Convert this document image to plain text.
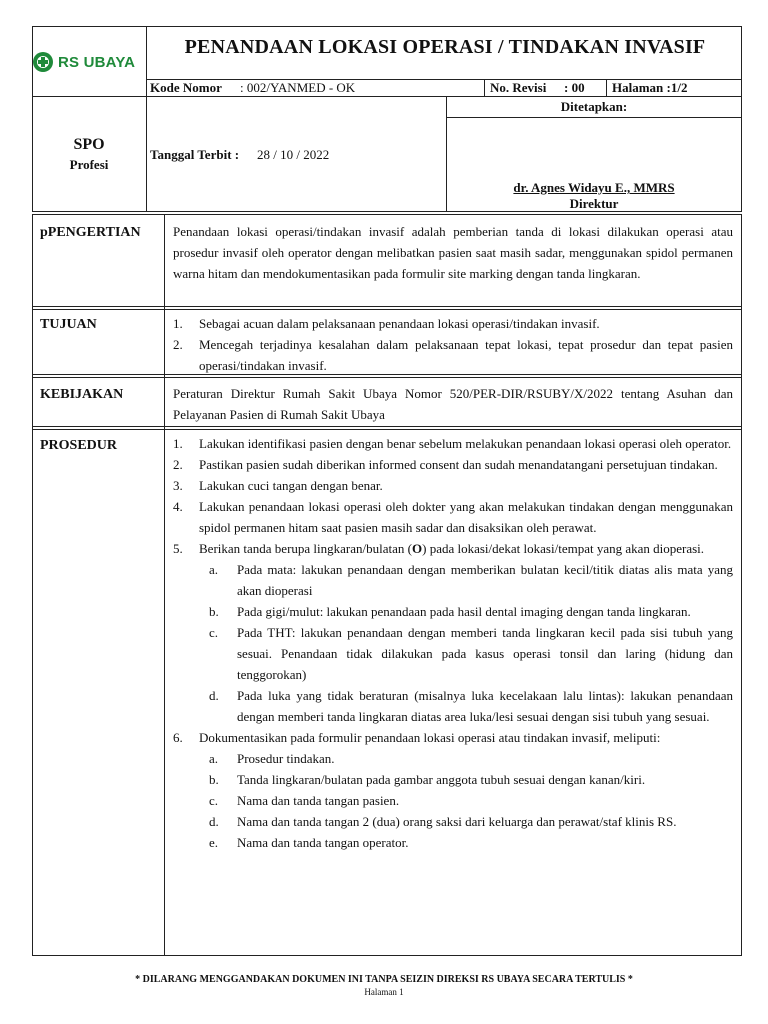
RS UBAYA
PENANDAAN LOKASI OPERASI / TINDAKAN INVASIF
Kode Nomor : 002/YANMED - OK	No. Revisi : 00 Halaman :1/2
Ditetapkan:
SPO
Profesi
Tanggal Terbit : 28 / 10 / 2022
dr. Agnes Widayu E., MMRS
Direktur
pPENGERTIAN Penandaan lokasi operasi/tindakan invasif adalah pemberian tanda di lokasi dilakukan operasi atau prosedur invasif oleh operator dengan melibatkan pasien saat masih sadar, menggunakan spidol permanen warna hitam dan mendokumentasikan pada formulir site marking dengan tanda lingkaran.
TUJUAN	1.	Sebagai acuan dalam pelaksanaan penandaan lokasi operasi/tindakan invasif.
2.	Mencegah terjadinya kesalahan dalam pelaksanaan tepat lokasi, tepat prosedur dan tepat pasien operasi/tindakan invasif.
KEBIJAKAN	Peraturan Direktur Rumah Sakit Ubaya Nomor 520/PER-DIR/RSUBY/X/2022 tentang Asuhan dan Pelayanan Pasien di Rumah Sakit Ubaya
PROSEDUR	1.	Lakukan identifikasi pasien dengan benar sebelum melakukan penandaan lokasi operasi oleh operator.
2.	Pastikan pasien sudah diberikan informed consent dan sudah menandatangani persetujuan tindakan.
3.	Lakukan cuci tangan dengan benar.
4.	Lakukan penandaan lokasi operasi oleh dokter yang akan melakukan tindakan dengan menggunakan spidol permanen hitam saat pasien masih sadar dan disaksikan oleh perawat.
5.	Berikan tanda berupa lingkaran/bulatan (O) pada lokasi/dekat lokasi/tempat yang akan dioperasi.
a.	Pada mata: lakukan penandaan dengan memberikan bulatan kecil/titik diatas alis mata yang akan dioperasi
b.	Pada gigi/mulut: lakukan penandaan pada hasil dental imaging dengan tanda lingkaran.
c.	Pada THT: lakukan penandaan dengan memberi tanda lingkaran kecil pada sisi tubuh yang sesuai. Penandaan tidak dilakukan pada kasus operasi tonsil dan laring (hidung dan tenggorokan)
d.	Pada luka yang tidak beraturan (misalnya luka kecelakaan lalu lintas): lakukan penandaan dengan memberi tanda lingkaran diatas area luka/lesi sesuai dengan sisi tubuh yang sesuai.
6.	Dokumentasikan pada formulir penandaan lokasi operasi atau tindakan invasif, meliputi:
a.	Prosedur tindakan.
b.	Tanda lingkaran/bulatan pada gambar anggota tubuh sesuai dengan kanan/kiri.
c.	Nama dan tanda tangan pasien.
d.	Nama dan tanda tangan 2 (dua) orang saksi dari keluarga dan perawat/staf klinis RS.
e.	Nama dan tanda tangan operator.
* DILARANG MENGGANDAKAN DOKUMEN INI TANPA SEIZIN DIREKSI RS UBAYA SECARA TERTULIS *
Halaman 1
